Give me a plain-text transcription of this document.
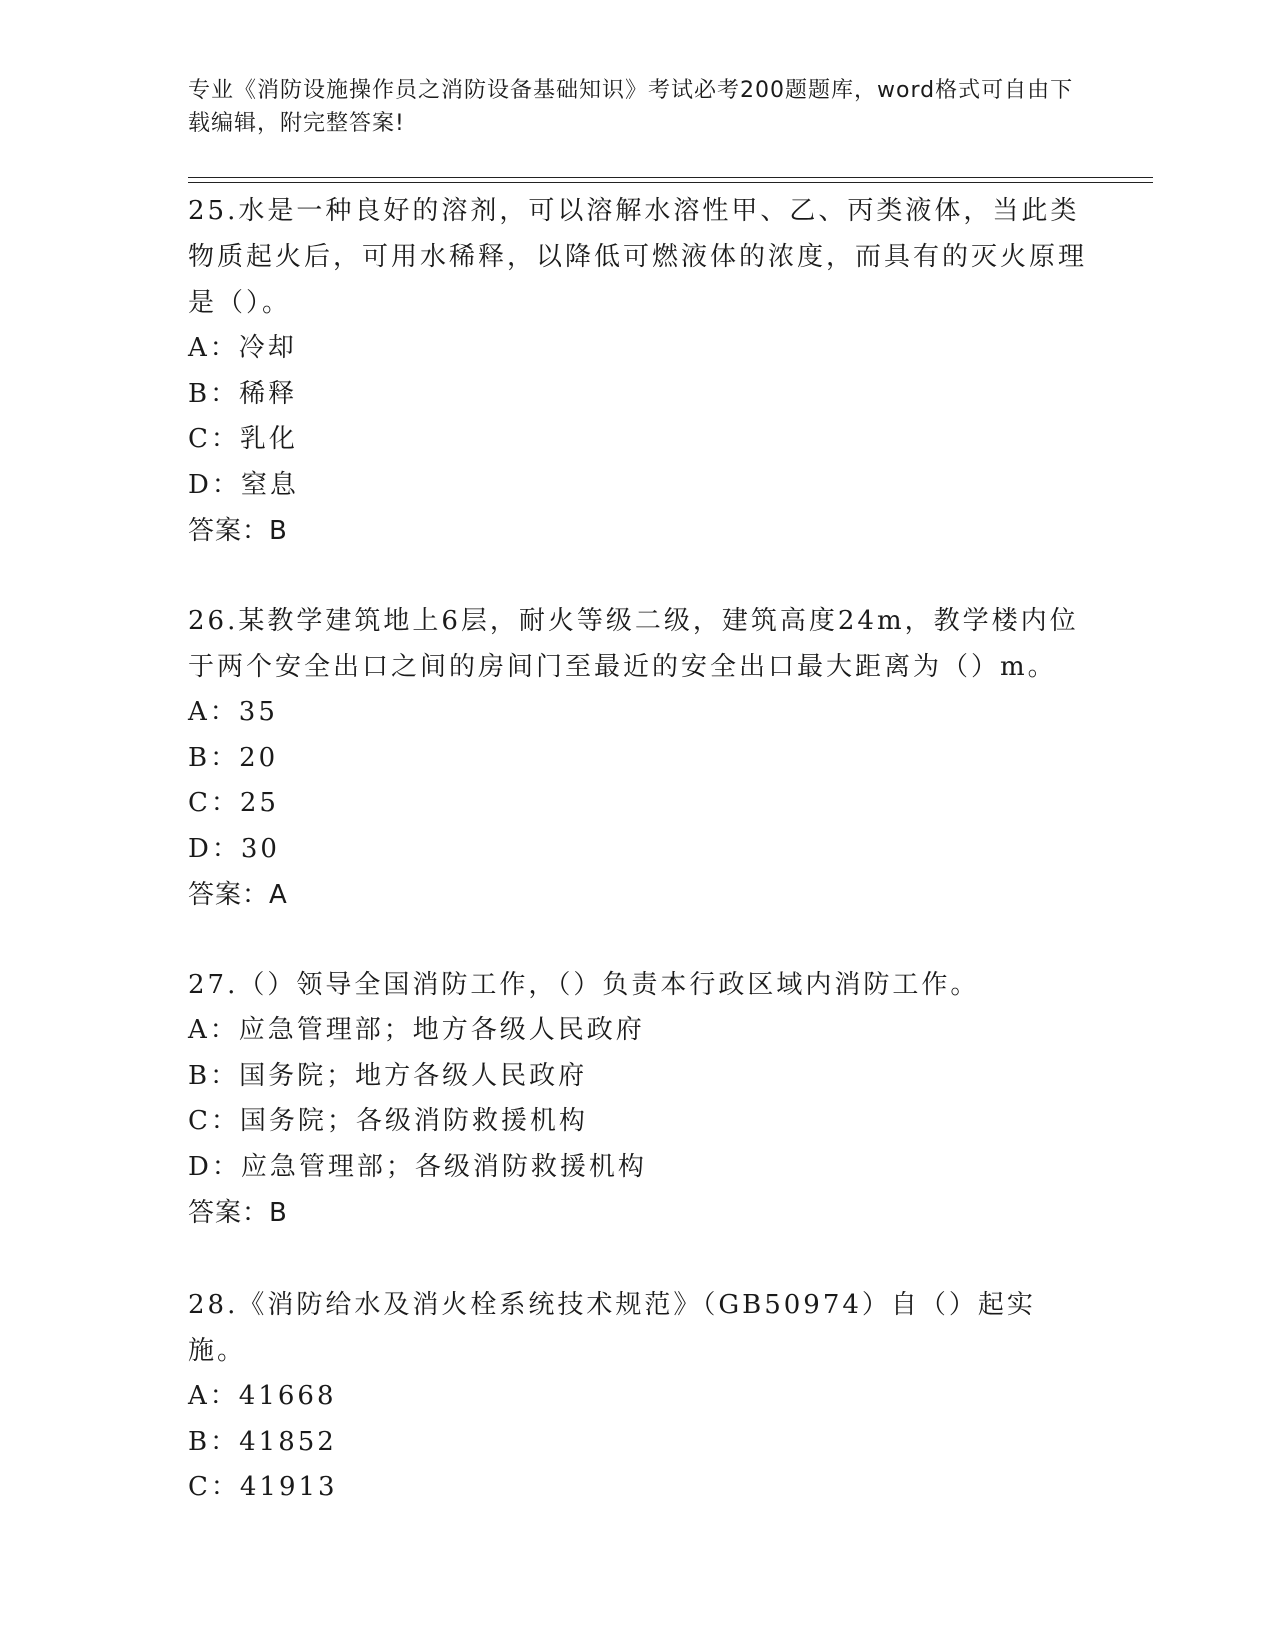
专业《消防设施操作员之消防设备基础知识》考试必考200题题库，word格式可自由下载编辑，附完整答案!
25.水是一种良好的溶剂，可以溶解水溶性甲、乙、丙类液体，当此类物质起火后，可用水稀释，以降低可燃液体的浓度，而具有的灭火原理是（）。
A：冷却
B：稀释
C：乳化
D：窒息
答案：B
26.某教学建筑地上6层，耐火等级二级，建筑高度24m，教学楼内位于两个安全出口之间的房间门至最近的安全出口最大距离为（）m。
A：35
B：20
C：25
D：30
答案：A
27.（）领导全国消防工作，（）负责本行政区域内消防工作。
A：应急管理部；地方各级人民政府
B：国务院；地方各级人民政府
C：国务院；各级消防救援机构
D：应急管理部；各级消防救援机构
答案：B
28.《消防给水及消火栓系统技术规范》（GB50974）自（）起实施。
A：41668
B：41852
C：41913
